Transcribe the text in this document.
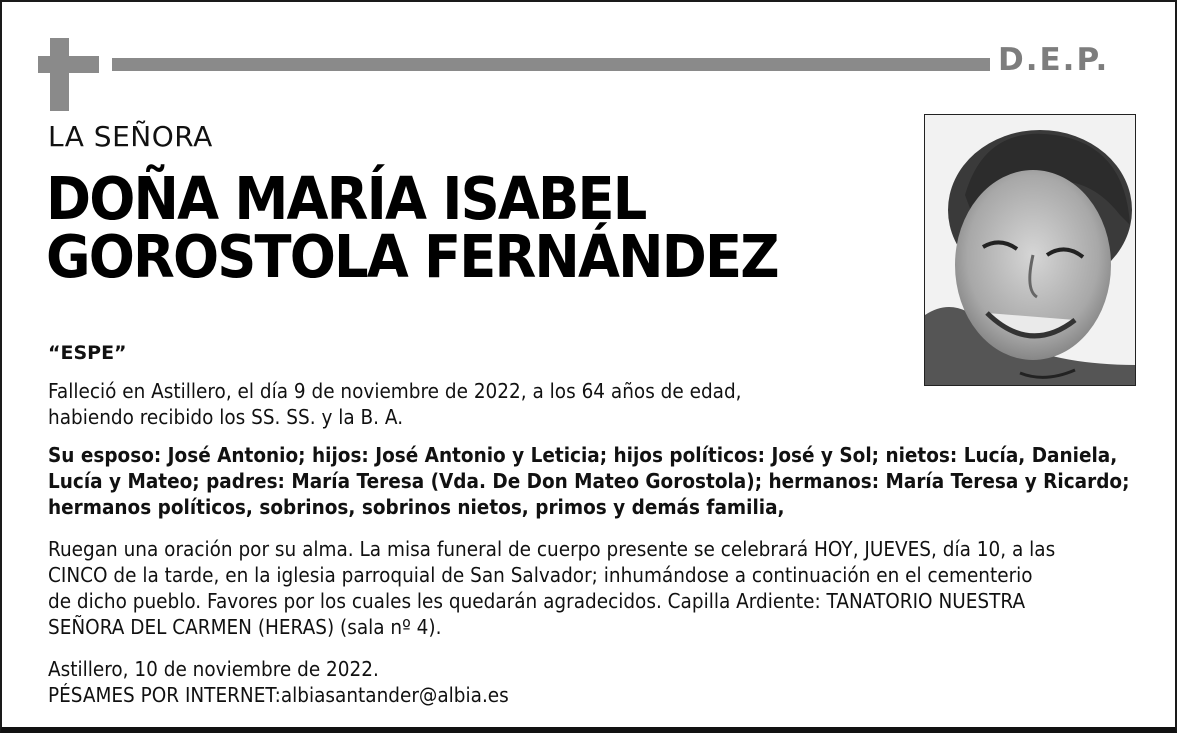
D.E.P.
LA SEÑORA
DOÑA MARÍA ISABEL
GOROSTOLA FERNÁNDEZ
“ESPE”
Falleció en Astillero, el día 9 de noviembre de 2022, a los 64 años de edad,
habiendo recibido los SS. SS. y la B. A.
Su esposo: José Antonio; hijos: José Antonio y Leticia; hijos políticos: José y Sol; nietos: Lucía, Daniela,
Lucía y Mateo; padres: María Teresa (Vda. De Don Mateo Gorostola); hermanos: María Teresa y Ricardo;
hermanos políticos, sobrinos, sobrinos nietos, primos y demás familia,
Ruegan una oración por su alma. La misa funeral de cuerpo presente se celebrará HOY, JUEVES, día 10, a las
CINCO de la tarde, en la iglesia parroquial de San Salvador; inhumándose a continuación en el cementerio
de dicho pueblo. Favores por los cuales les quedarán agradecidos. Capilla Ardiente: TANATORIO NUESTRA
SEÑORA DEL CARMEN (HERAS) (sala nº 4).
Astillero, 10 de noviembre de 2022.
PÉSAMES POR INTERNET:albiasantander@albia.es
